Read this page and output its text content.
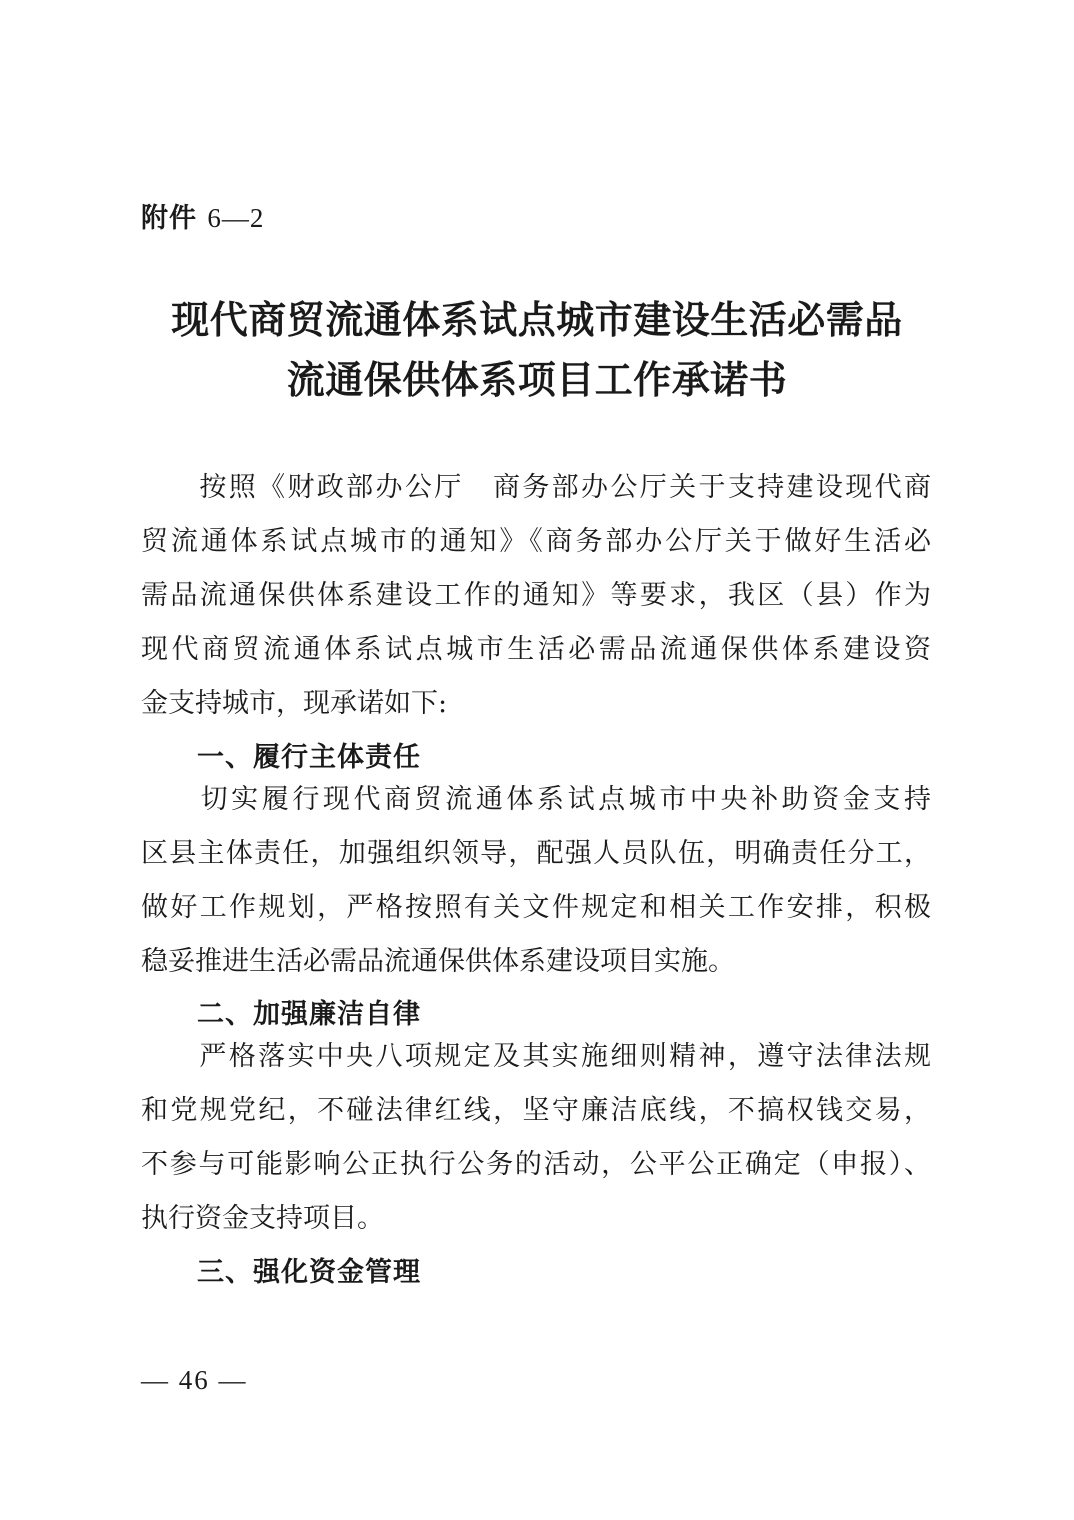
附件 6—2
现代商贸流通体系试点城市建设生活必需品
流通保供体系项目工作承诺书
按照《财政部办公厅　商务部办公厅关于支持建设现代商
贸流通体系试点城市的通知》《商务部办公厅关于做好生活必
需品流通保供体系建设工作的通知》等要求，我区（县）作为
现代商贸流通体系试点城市生活必需品流通保供体系建设资
金支持城市，现承诺如下:
一、履行主体责任
切实履行现代商贸流通体系试点城市中央补助资金支持
区县主体责任，加强组织领导，配强人员队伍，明确责任分工，
做好工作规划，严格按照有关文件规定和相关工作安排，积极
稳妥推进生活必需品流通保供体系建设项目实施。
二、加强廉洁自律
严格落实中央八项规定及其实施细则精神，遵守法律法规
和党规党纪，不碰法律红线，坚守廉洁底线，不搞权钱交易，
不参与可能影响公正执行公务的活动，公平公正确定（申报）、
执行资金支持项目。
三、强化资金管理
— 46 —
